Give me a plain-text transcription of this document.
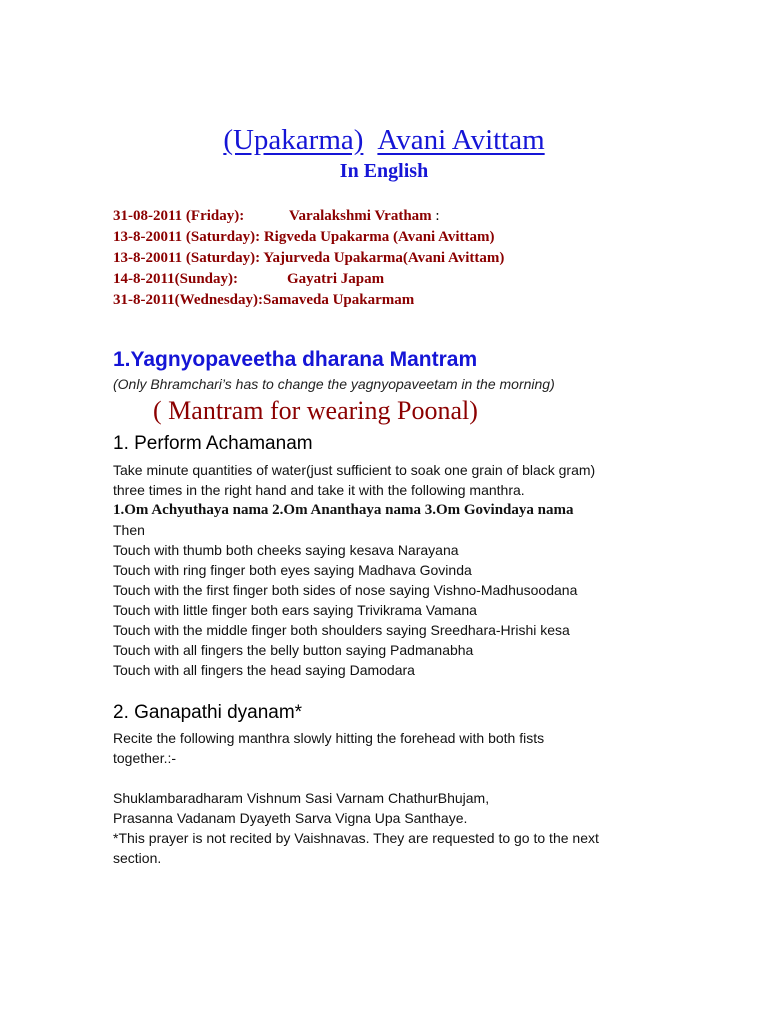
(Upakarma) Avani Avittam
In English
31-08-2011 (Friday):	Varalakshmi Vratham :
13-8-20011 (Saturday): Rigveda Upakarma (Avani Avittam)
13-8-20011 (Saturday): Yajurveda Upakarma(Avani Avittam)
14-8-2011(Sunday):	Gayatri Japam
31-8-2011(Wednesday):Samaveda Upakarmam
1.Yagnyopaveetha dharana Mantram
(Only Bhramchari’s has to change the yagnyopaveetam in the morning)
( Mantram for wearing Poonal)
1. Perform Achamanam
Take minute quantities of water(just sufficient to soak one grain of black gram)
three times in the right hand and take it with the following manthra.
1.Om Achyuthaya nama 2.Om Ananthaya nama 3.Om Govindaya nama
Then
Touch with thumb both cheeks saying kesava Narayana
Touch with ring finger both eyes saying Madhava Govinda
Touch with the first finger both sides of nose saying Vishno-Madhusoodana
Touch with little finger both ears saying Trivikrama Vamana
Touch with the middle finger both shoulders saying Sreedhara-Hrishi kesa
Touch with all fingers the belly button saying Padmanabha
Touch with all fingers the head saying Damodara
2. Ganapathi dyanam*
Recite the following manthra slowly hitting the forehead with both fists
together.:-
Shuklambaradharam Vishnum Sasi Varnam ChathurBhujam,
Prasanna Vadanam Dyayeth Sarva Vigna Upa Santhaye.
*This prayer is not recited by Vaishnavas. They are requested to go to the next
section.
